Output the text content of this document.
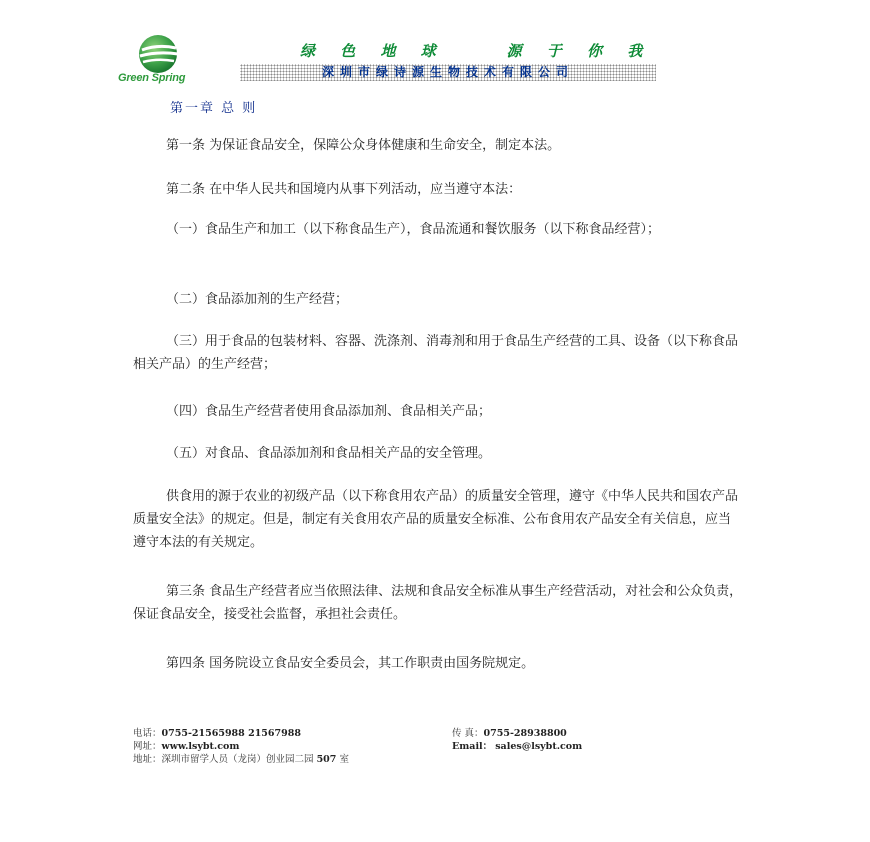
Green Spring
绿 色 地 球    源 于 你 我
深圳市绿诗源生物技术有限公司
第一章 总 则
第一条 为保证食品安全，保障公众身体健康和生命安全，制定本法。
第二条 在中华人民共和国境内从事下列活动，应当遵守本法：
（一）食品生产和加工（以下称食品生产），食品流通和餐饮服务（以下称食品经营）；
（二）食品添加剂的生产经营；
（三）用于食品的包装材料、容器、洗涤剂、消毒剂和用于食品生产经营的工具、设备（以下称食品相关产品）的生产经营；
（四）食品生产经营者使用食品添加剂、食品相关产品；
（五）对食品、食品添加剂和食品相关产品的安全管理。
供食用的源于农业的初级产品（以下称食用农产品）的质量安全管理，遵守《中华人民共和国农产品质量安全法》的规定。但是，制定有关食用农产品的质量安全标准、公布食用农产品安全有关信息，应当遵守本法的有关规定。
第三条 食品生产经营者应当依照法律、法规和食品安全标准从事生产经营活动，对社会和公众负责，保证食品安全，接受社会监督，承担社会责任。
第四条 国务院设立食品安全委员会，其工作职责由国务院规定。
电话：0755-21565988 21567988	传 真：0755-28938800
网址：www.lsybt.com	Email： sales@lsybt.com
地址：深圳市留学人员（龙岗）创业园二园 507 室
